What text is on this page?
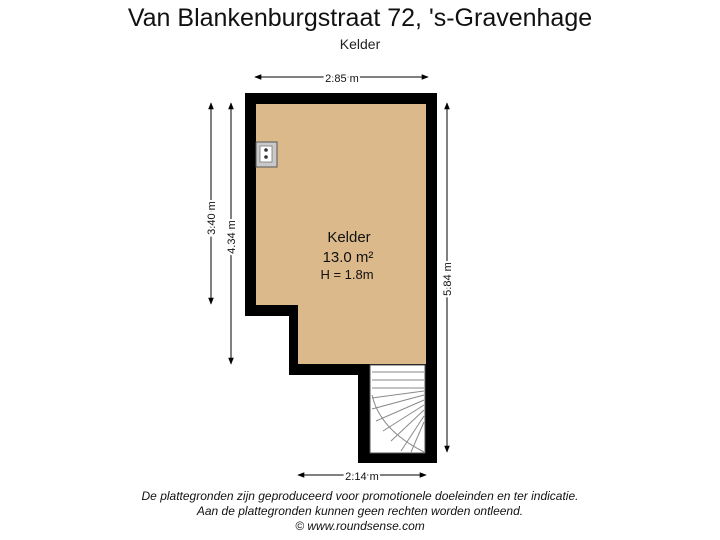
Van Blankenburgstraat 72, 's-Gravenhage
Kelder
Kelder
13.0 m²
H = 1.8m
2.85 m
2.14 m
3.40 m
4.34 m
5.84 m
De plattegronden zijn geproduceerd voor promotionele doeleinden en ter indicatie.
Aan de plattegronden kunnen geen rechten worden ontleend.
© www.roundsense.com
